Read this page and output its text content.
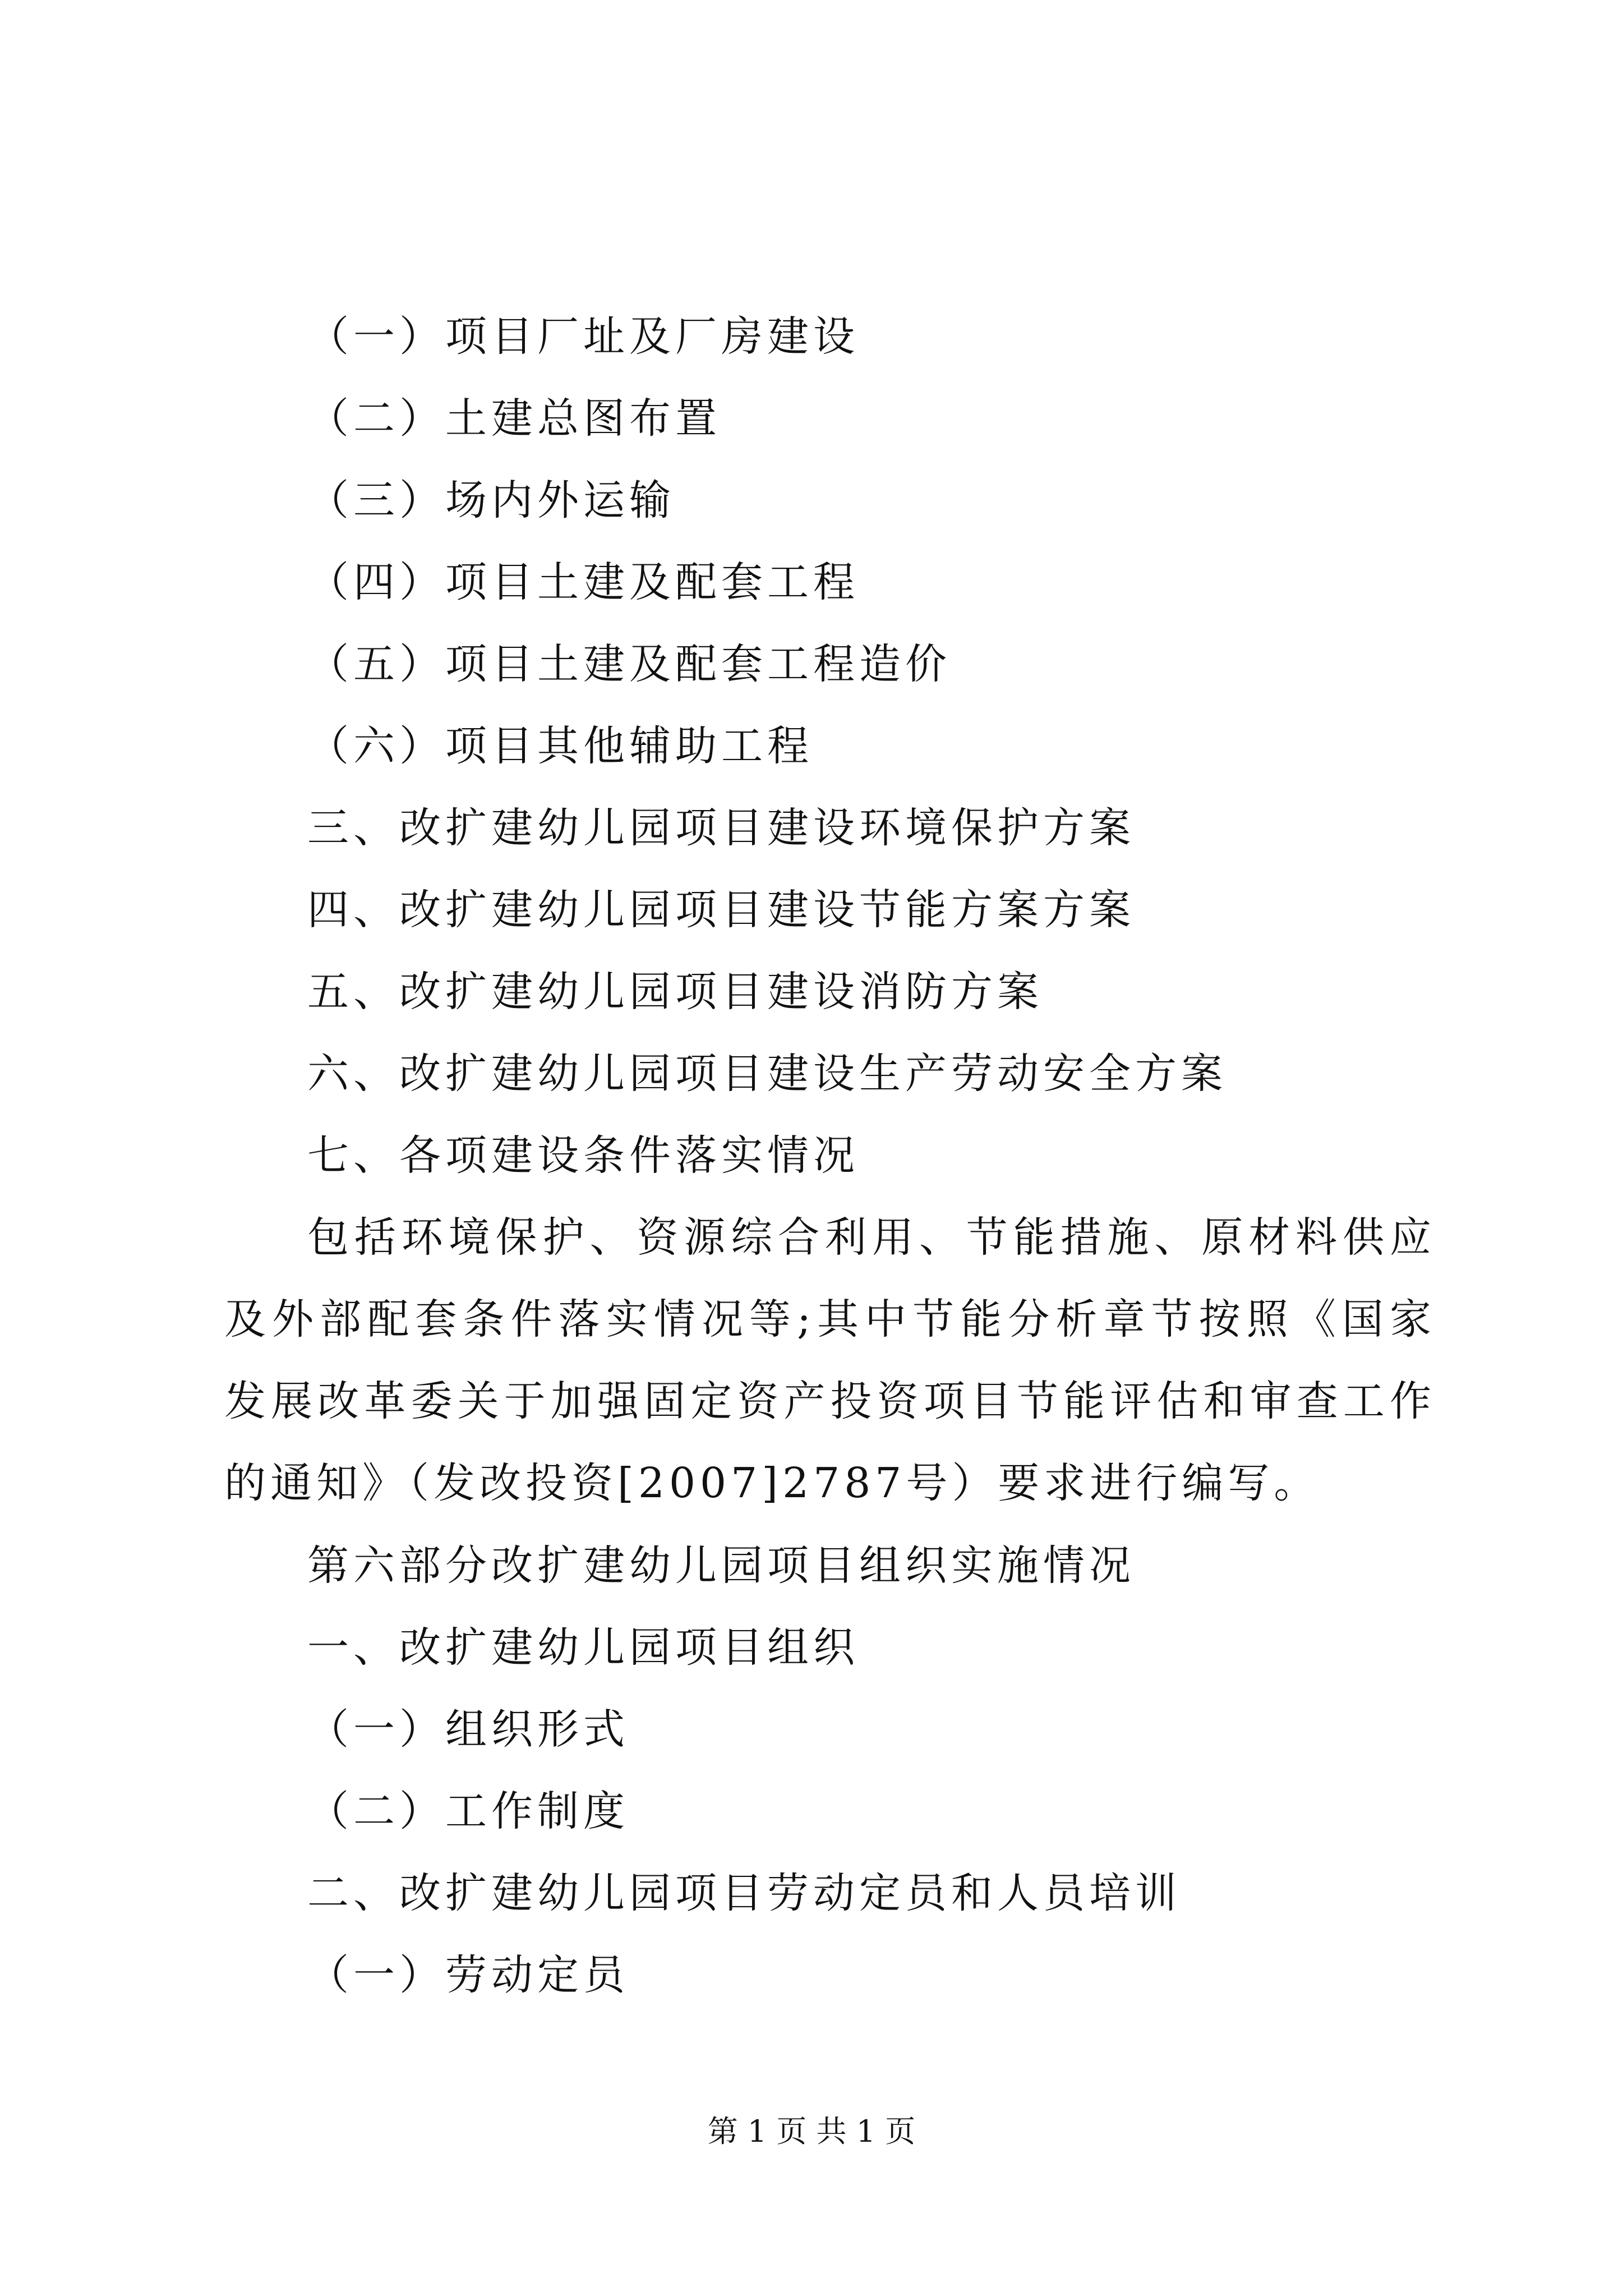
（一）项目厂址及厂房建设
（二）土建总图布置
（三）场内外运输
（四）项目土建及配套工程
（五）项目土建及配套工程造价
（六）项目其他辅助工程
三、改扩建幼儿园项目建设环境保护方案
四、改扩建幼儿园项目建设节能方案方案
五、改扩建幼儿园项目建设消防方案
六、改扩建幼儿园项目建设生产劳动安全方案
七、各项建设条件落实情况
包括环境保护、资源综合利用、节能措施、原材料供应及外部配套条件落实情况等;其中节能分析章节按照《国家发展改革委关于加强固定资产投资项目节能评估和审查工作的通知》（发改投资[2007]2787号）要求进行编写。
第六部分改扩建幼儿园项目组织实施情况
一、改扩建幼儿园项目组织
（一）组织形式
（二）工作制度
二、改扩建幼儿园项目劳动定员和人员培训
（一）劳动定员
第 1 页 共 1 页
